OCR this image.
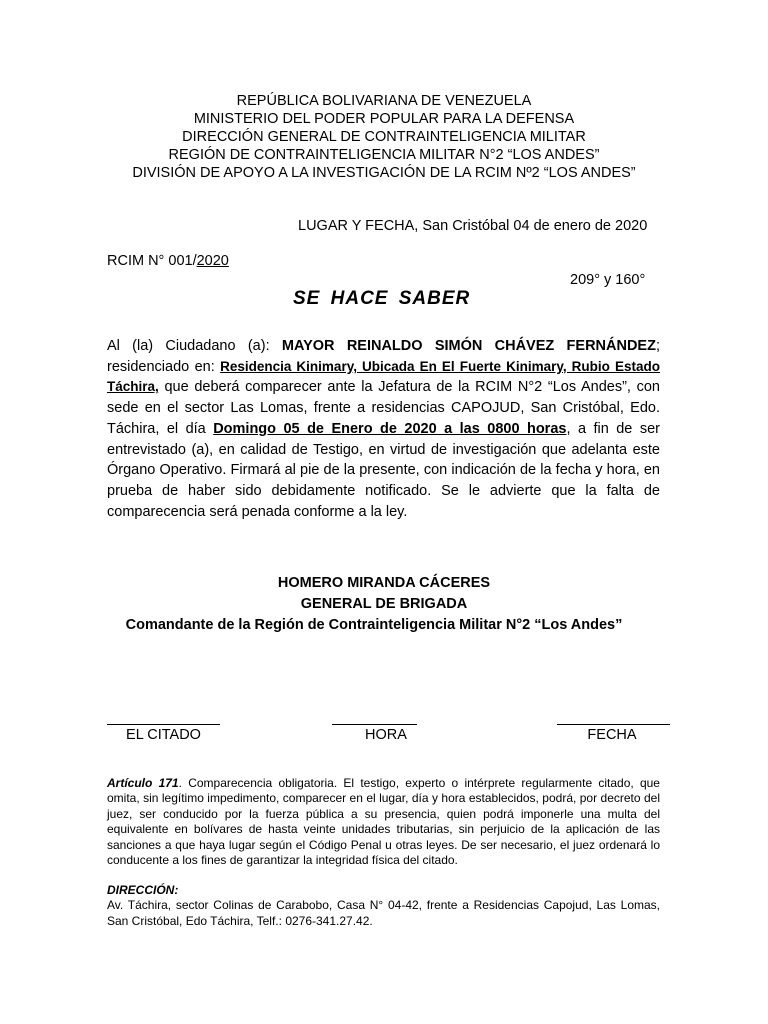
REPÚBLICA BOLIVARIANA DE VENEZUELA
MINISTERIO DEL PODER POPULAR PARA LA DEFENSA
DIRECCIÓN GENERAL DE CONTRAINTELIGENCIA MILITAR
REGIÓN DE CONTRAINTELIGENCIA MILITAR N°2 “LOS ANDES”
DIVISIÓN DE APOYO A LA INVESTIGACIÓN DE LA RCIM Nº2 “LOS ANDES”
LUGAR Y FECHA, San Cristóbal 04 de enero de 2020
RCIM N° 001/2020
209° y 160°
SE HACE SABER
Al (la) Ciudadano (a): MAYOR REINALDO SIMÓN CHÁVEZ FERNÁNDEZ; residenciado en: Residencia Kinimary, Ubicada En El Fuerte Kinimary, Rubio Estado Táchira, que deberá comparecer ante la Jefatura de la RCIM N°2 “Los Andes”, con sede en el sector Las Lomas, frente a residencias CAPOJUD, San Cristóbal, Edo. Táchira, el día Domingo 05 de Enero de 2020 a las 0800 horas, a fin de ser entrevistado (a), en calidad de Testigo, en virtud de investigación que adelanta este Órgano Operativo. Firmará al pie de la presente, con indicación de la fecha y hora, en prueba de haber sido debidamente notificado. Se le advierte que la falta de comparecencia será penada conforme a la ley.
HOMERO MIRANDA CÁCERES
GENERAL DE BRIGADA
Comandante de la Región de Contrainteligencia Militar N°2 “Los Andes”
EL CITADO	HORA	FECHA
Artículo 171. Comparecencia obligatoria. El testigo, experto o intérprete regularmente citado, que omita, sin legítimo impedimento, comparecer en el lugar, día y hora establecidos, podrá, por decreto del juez, ser conducido por la fuerza pública a su presencia, quien podrá imponerle una multa del equivalente en bolívares de hasta veinte unidades tributarias, sin perjuicio de la aplicación de las sanciones a que haya lugar según el Código Penal u otras leyes. De ser necesario, el juez ordenará lo conducente a los fines de garantizar la integridad física del citado.
DIRECCIÓN:
Av. Táchira, sector Colinas de Carabobo, Casa N° 04-42, frente a Residencias Capojud, Las Lomas, San Cristóbal, Edo Táchira, Telf.: 0276-341.27.42.
